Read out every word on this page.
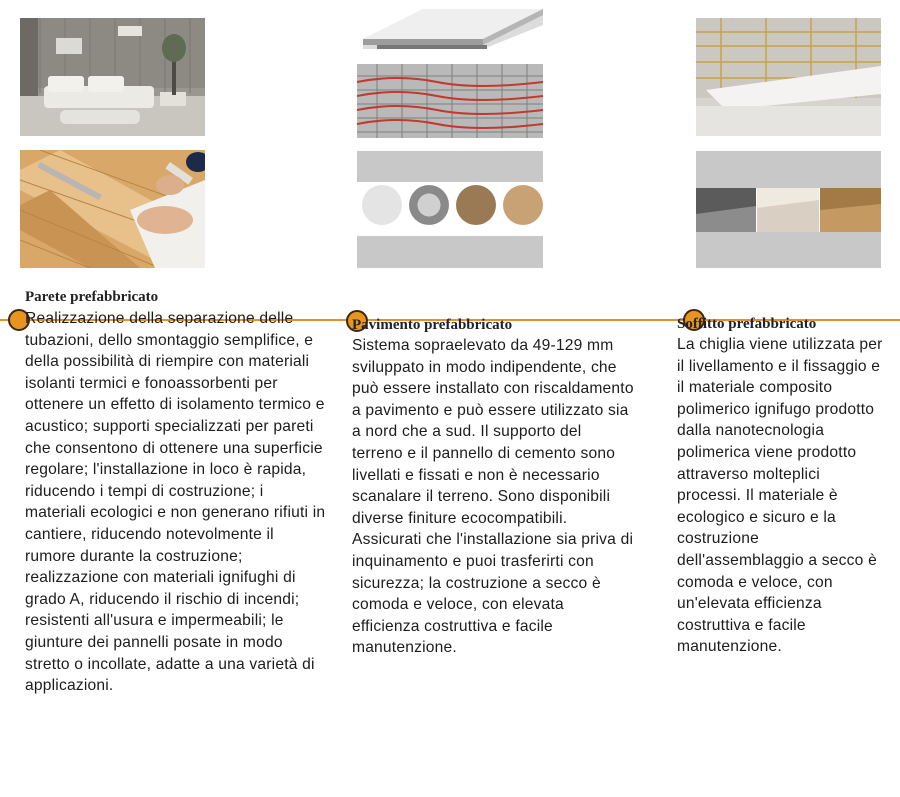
Parete prefabbricato

Realizzazione della separazione delle tubazioni, dello smontaggio semplifice, e della possibilità di riempire con materiali isolanti termici e fonoassorbenti per ottenere un effetto di isolamento termico e acustico; supporti specializzati per pareti che consentono di ottenere una superficie regolare; l'installazione in loco è rapida, riducendo i tempi di costruzione; i materiali ecologici e non generano rifiuti in cantiere, riducendo notevolmente il rumore durante la costruzione; realizzazione con materiali ignifughi di grado A, riducendo il rischio di incendi; resistenti all'usura e impermeabili; le giunture dei pannelli posate in modo stretto o incollate, adatte a una varietà di applicazioni.

Pavimento prefabbricato

Sistema sopraelevato da 49-129 mm sviluppato in modo indipendente, che può essere installato con riscaldamento a pavimento e può essere utilizzato sia a nord che a sud. Il supporto del terreno e il pannello di cemento sono livellati e fissati e non è necessario scanalare il terreno. Sono disponibili diverse finiture ecocompatibili. Assicurati che l'installazione sia priva di inquinamento e puoi trasferirti con sicurezza; la costruzione a secco è comoda e veloce, con elevata efficienza costruttiva e facile manutenzione.

Soffitto prefabbricato

La chiglia viene utilizzata per il livellamento e il fissaggio e il materiale composito polimerico ignifugo prodotto dalla nanotecnologia polimerica viene prodotto attraverso molteplici processi. Il materiale è ecologico e sicuro e la costruzione dell'assemblaggio a secco è comoda e veloce, con un'elevata efficienza costruttiva e facile manutenzione.
